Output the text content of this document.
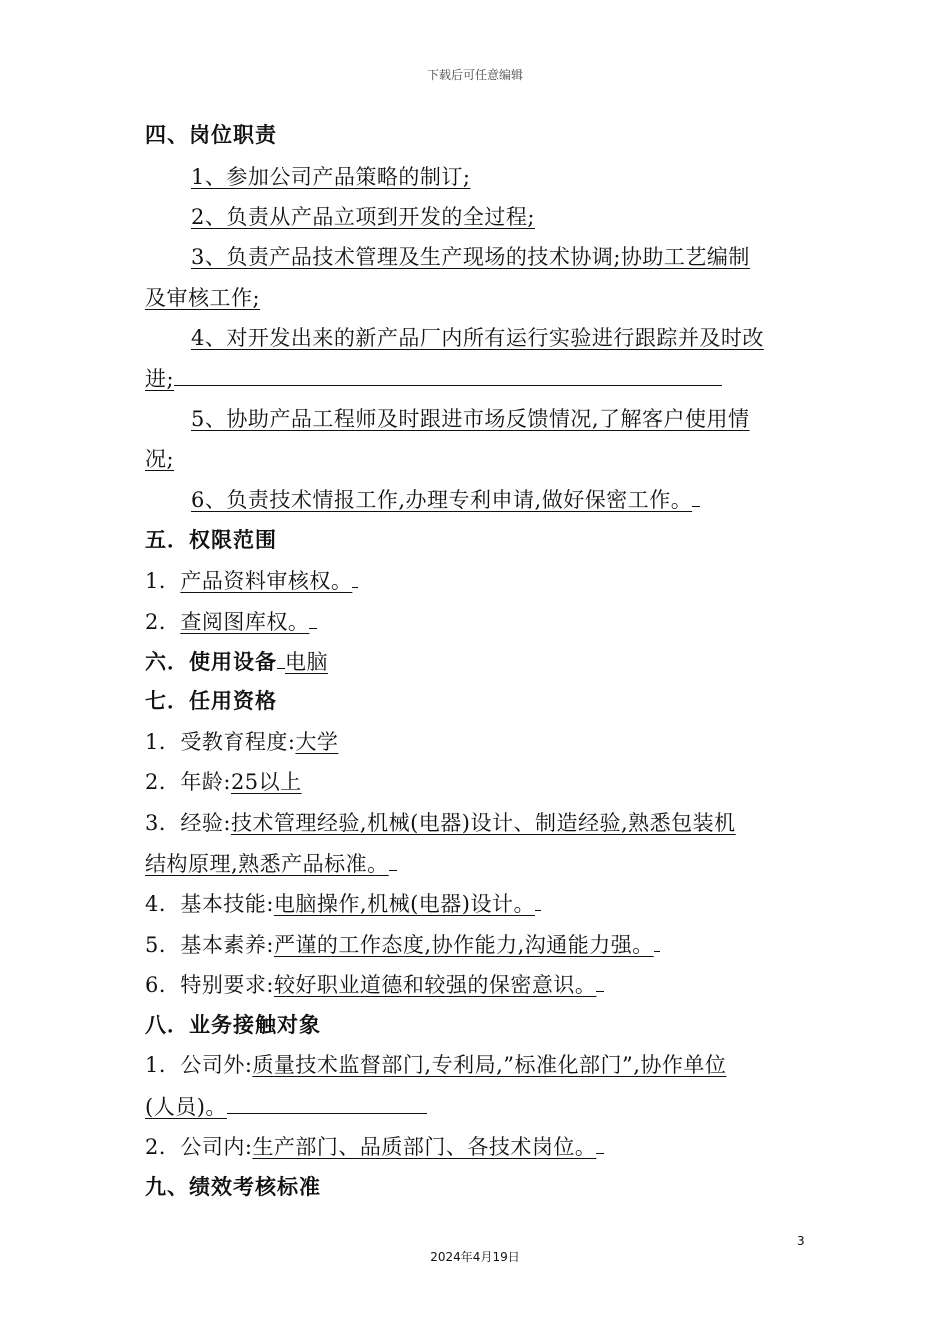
下载后可任意编辑
四、岗位职责
1、参加公司产品策略的制订;
2、负责从产品立项到开发的全过程;
3、负责产品技术管理及生产现场的技术协调;协助工艺编制
及审核工作;
4、对开发出来的新产品厂内所有运行实验进行跟踪并及时改
进;
5、协助产品工程师及时跟进市场反馈情况,了解客户使用情
况;
6、负责技术情报工作,办理专利申请,做好保密工作。
五．权限范围
1．产品资料审核权。
2．查阅图库权。
六．使用设备 电脑
七．任用资格
1．受教育程度:大学
2．年龄:25以上
3．经验:技术管理经验,机械(电器)设计、制造经验,熟悉包装机
结构原理,熟悉产品标准。
4．基本技能:电脑操作,机械(电器)设计。
5．基本素养:严谨的工作态度,协作能力,沟通能力强。
6．特别要求:较好职业道德和较强的保密意识。
八．业务接触对象
1．公司外:质量技术监督部门,专利局,”标准化部门”,协作单位
(人员)。
2．公司内:生产部门、品质部门、各技术岗位。
九、绩效考核标准
3
2024年4月19日
